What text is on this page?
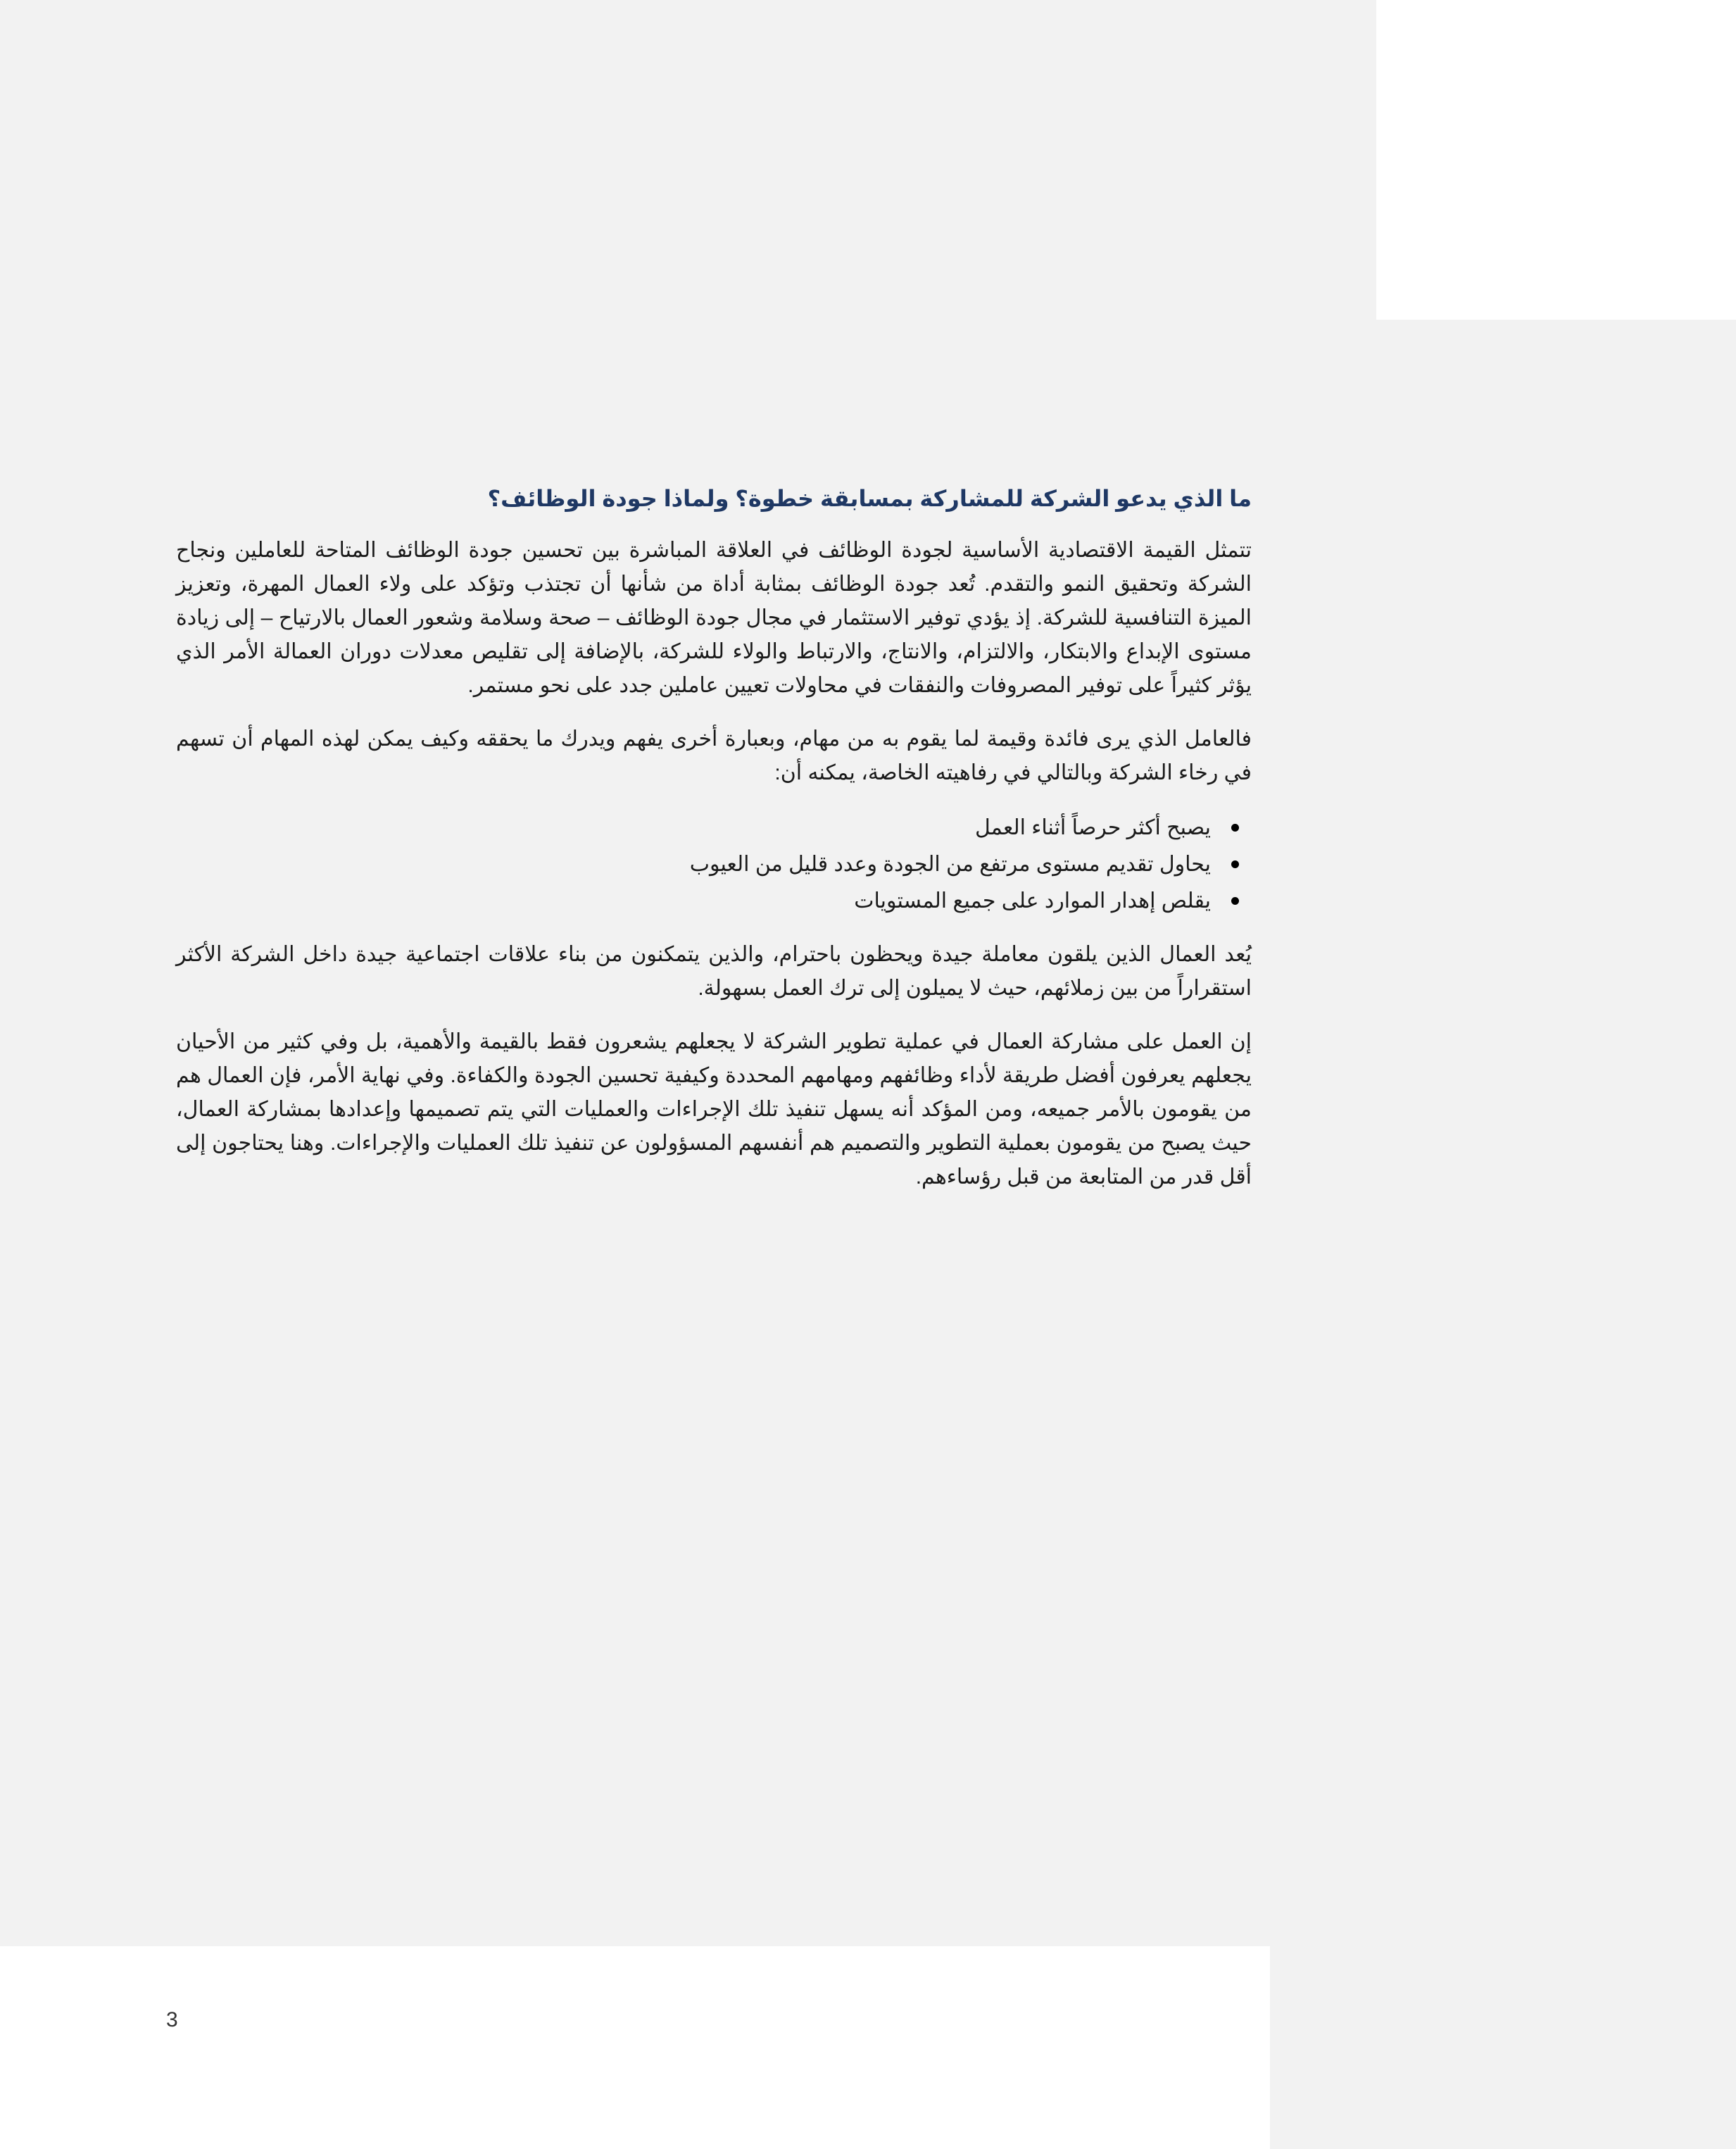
ما الذي يدعو الشركة للمشاركة بمسابقة خطوة؟ ولماذا جودة الوظائف؟

تتمثل القيمة الاقتصادية الأساسية لجودة الوظائف في العلاقة المباشرة بين تحسين جودة الوظائف المتاحة للعاملين ونجاح الشركة وتحقيق النمو والتقدم. تُعد جودة الوظائف بمثابة أداة من شأنها أن تجتذب وتؤكد على ولاء العمال المهرة، وتعزيز الميزة التنافسية للشركة. إذ يؤدي توفير الاستثمار في مجال جودة الوظائف – صحة وسلامة وشعور العمال بالارتياح – إلى زيادة مستوى الإبداع والابتكار، والالتزام، والانتاج، والارتباط والولاء للشركة، بالإضافة إلى تقليص معدلات دوران العمالة الأمر الذي يؤثر كثيراً على توفير المصروفات والنفقات في محاولات تعيين عاملين جدد على نحو مستمر.

فالعامل الذي يرى فائدة وقيمة لما يقوم به من مهام، وبعبارة أخرى يفهم ويدرك ما يحققه وكيف يمكن لهذه المهام أن تسهم في رخاء الشركة وبالتالي في رفاهيته الخاصة، يمكنه أن:

يصبح أكثر حرصاً أثناء العمل
يحاول تقديم مستوى مرتفع من الجودة وعدد قليل من العيوب
يقلص إهدار الموارد على جميع المستويات

يُعد العمال الذين يلقون معاملة جيدة ويحظون باحترام، والذين يتمكنون من بناء علاقات اجتماعية جيدة داخل الشركة الأكثر استقراراً من بين زملائهم، حيث لا يميلون إلى ترك العمل بسهولة.

إن العمل على مشاركة العمال في عملية تطوير الشركة لا يجعلهم يشعرون فقط بالقيمة والأهمية، بل وفي كثير من الأحيان يجعلهم يعرفون أفضل طريقة لأداء وظائفهم ومهامهم المحددة وكيفية تحسين الجودة والكفاءة. وفي نهاية الأمر، فإن العمال هم من يقومون بالأمر جميعه، ومن المؤكد أنه يسهل تنفيذ تلك الإجراءات والعمليات التي يتم تصميمها وإعدادها بمشاركة العمال، حيث يصبح من يقومون بعملية التطوير والتصميم هم أنفسهم المسؤولون عن تنفيذ تلك العمليات والإجراءات. وهنا يحتاجون إلى أقل قدر من المتابعة من قبل رؤساءهم.

3
